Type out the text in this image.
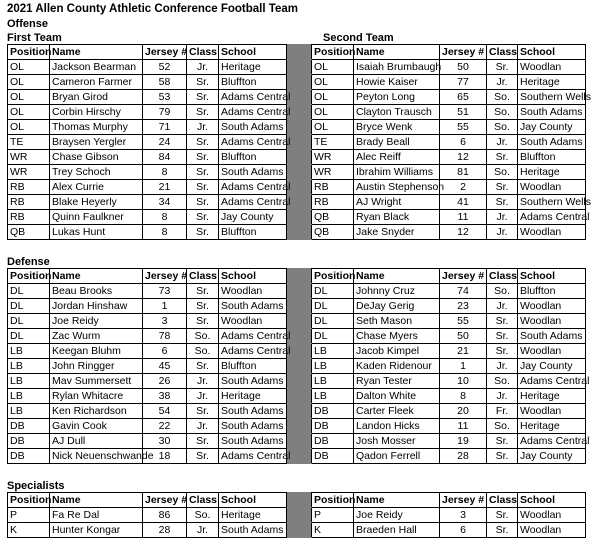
2021 Allen County Athletic Conference Football Team
Offense
First Team	Second Team
Position	Name	Jersey #	Class	School		Position	Name	Jersey #	Class	School
OL	Jackson Bearman	52	Jr.	Heritage		OL	Isaiah Brumbaugh	50	Sr.	Woodlan
OL	Cameron Farmer	58	Sr.	Bluffton		OL	Howie Kaiser	77	Jr.	Heritage
OL	Bryan Girod	53	Sr.	Adams Central		OL	Peyton Long	65	So.	Southern Wells
OL	Corbin Hirschy	79	Sr.	Adams Central		OL	Clayton Trausch	51	So.	South Adams
OL	Thomas Murphy	71	Jr.	South Adams		OL	Bryce Wenk	55	So.	Jay County
TE	Braysen Yergler	24	Sr.	Adams Central		TE	Brady Beall	6	Jr.	South Adams
WR	Chase Gibson	84	Sr.	Bluffton		WR	Alec Reiff	12	Sr.	Bluffton
WR	Trey Schoch	8	Sr.	South Adams		WR	Ibrahim Williams	81	So.	Heritage
RB	Alex Currie	21	Sr.	Adams Central		RB	Austin Stephenson	2	Sr.	Woodlan
RB	Blake Heyerly	34	Sr.	Adams Central		RB	AJ Wright	41	Sr.	Southern Wells
RB	Quinn Faulkner	8	Sr.	Jay County		QB	Ryan Black	11	Jr.	Adams Central
QB	Lukas Hunt	8	Sr.	Bluffton		QB	Jake Snyder	12	Jr.	Woodlan
Defense
Position	Name	Jersey #	Class	School		Position	Name	Jersey #	Class	School
DL	Beau Brooks	73	Sr.	Woodlan		DL	Johnny Cruz	74	So.	Bluffton
DL	Jordan Hinshaw	1	Sr.	South Adams		DL	DeJay Gerig	23	Jr.	Woodlan
DL	Joe Reidy	3	Sr.	Woodlan		DL	Seth Mason	55	Sr.	Woodlan
DL	Zac Wurm	78	So.	Adams Central		DL	Chase Myers	50	Sr.	South Adams
LB	Keegan Bluhm	6	So.	Adams Central		LB	Jacob Kimpel	21	Sr.	Woodlan
LB	John Ringger	45	Sr.	Bluffton		LB	Kaden Ridenour	1	Jr.	Jay County
LB	Mav Summersett	26	Jr.	South Adams		LB	Ryan Tester	10	So.	Adams Central
LB	Rylan Whitacre	38	Jr.	Heritage		LB	Dalton White	8	Jr.	Heritage
LB	Ken Richardson	54	Sr.	South Adams		DB	Carter Fleek	20	Fr.	Woodlan
DB	Gavin Cook	22	Jr.	South Adams		DB	Landon Hicks	11	So.	Heritage
DB	AJ Dull	30	Sr.	South Adams		DB	Josh Mosser	19	Sr.	Adams Central
DB	Nick Neuenschwande	18	Sr.	Adams Central		DB	Qadon Ferrell	28	Sr.	Jay County
Specialists
Position	Name	Jersey #	Class	School		Position	Name	Jersey #	Class	School
P	Fa Re Dal	86	So.	Heritage		P	Joe Reidy	3	Sr.	Woodlan
K	Hunter Kongar	28	Jr.	South Adams		K	Braeden Hall	6	Sr.	Woodlan
